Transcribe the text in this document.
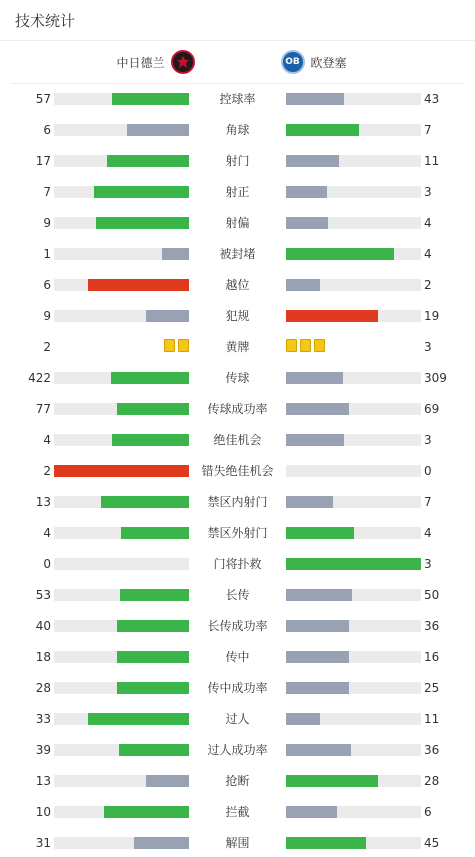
技术统计
中日德兰	OB 欧登塞
57	控球率	43
6	角球	7
17	射门	11
7	射正	3
9	射偏	4
1	被封堵	4
6	越位	2
9	犯规	19
2	黄牌	3
422	传球	309
77	传球成功率	69
4	绝佳机会	3
2	错失绝佳机会	0
13	禁区内射门	7
4	禁区外射门	4
0	门将扑救	3
53	长传	50
40	长传成功率	36
18	传中	16
28	传中成功率	25
33	过人	11
39	过人成功率	36
13	抢断	28
10	拦截	6
31	解围	45
